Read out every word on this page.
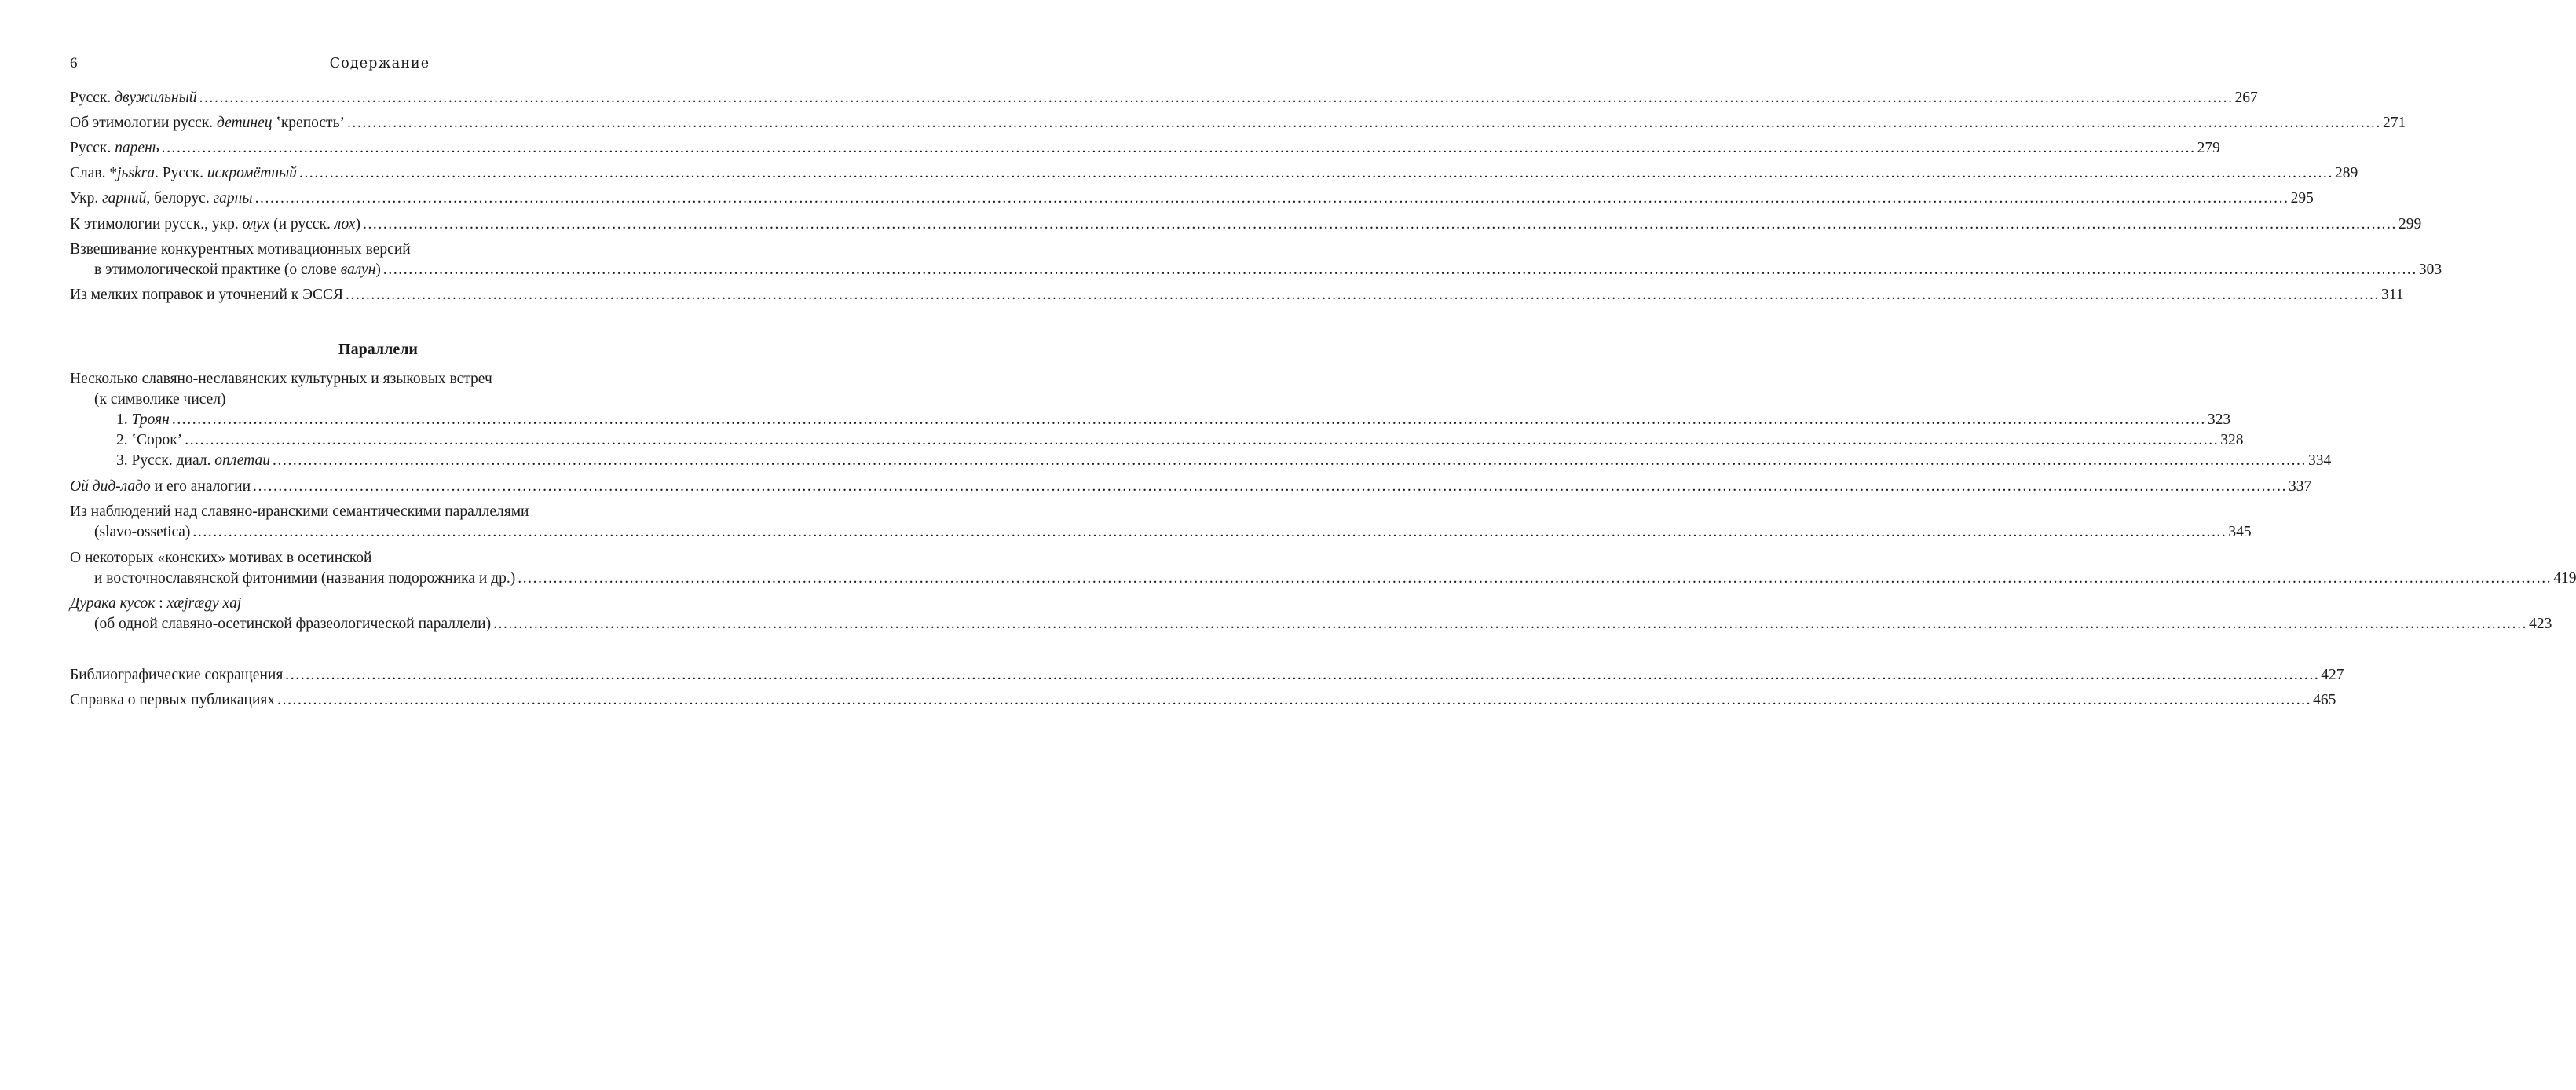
6	Содержание
Русск. двужильный ................................................................................................................................................................................................................................................................................................................................................................................................................ 267
Об этимологии русск. детинец ʽкрепость’ ................................................................................................................................................................................................................................................................................................................................................................................................................ 271
Русск. парень ................................................................................................................................................................................................................................................................................................................................................................................................................ 279
Слав. *jьskra. Русск. искромётный ................................................................................................................................................................................................................................................................................................................................................................................................................ 289
Укр. гарний, белорус. гарны ................................................................................................................................................................................................................................................................................................................................................................................................................ 295
К этимологии русск., укр. олух (и русск. лох) ................................................................................................................................................................................................................................................................................................................................................................................................................ 299
Взвешивание конкурентных мотивационных версий
в этимологической практике (о слове валун) ................................................................................................................................................................................................................................................................................................................................................................................................................ 303
Из мелких поправок и уточнений к ЭССЯ ................................................................................................................................................................................................................................................................................................................................................................................................................ 311
Несколько славяно-неславянских культурных и языковых встреч
(к символике чисел)
1. Троян ................................................................................................................................................................................................................................................................................................................................................................................................................ 323
2. ʽСорок’ ................................................................................................................................................................................................................................................................................................................................................................................................................ 328
3. Русск. диал. оплетаи ................................................................................................................................................................................................................................................................................................................................................................................................................ 334
Ой дид-ладо и его аналогии ................................................................................................................................................................................................................................................................................................................................................................................................................ 337
Из наблюдений над славяно-иранскими семантическими параллелями
(slavo-ossetica) ................................................................................................................................................................................................................................................................................................................................................................................................................ 345
О некоторых «конских» мотивах в осетинской
и восточнославянской фитонимии (названия подорожника и др.) ................................................................................................................................................................................................................................................................................................................................................................................................................ 419
Дурака кусок : xæjrægy xaj
(об одной славяно-осетинской фразеологической параллели) ................................................................................................................................................................................................................................................................................................................................................................................................................ 423
Библиографические сокращения ................................................................................................................................................................................................................................................................................................................................................................................................................ 427
Справка о первых публикациях ................................................................................................................................................................................................................................................................................................................................................................................................................ 465
Параллели
